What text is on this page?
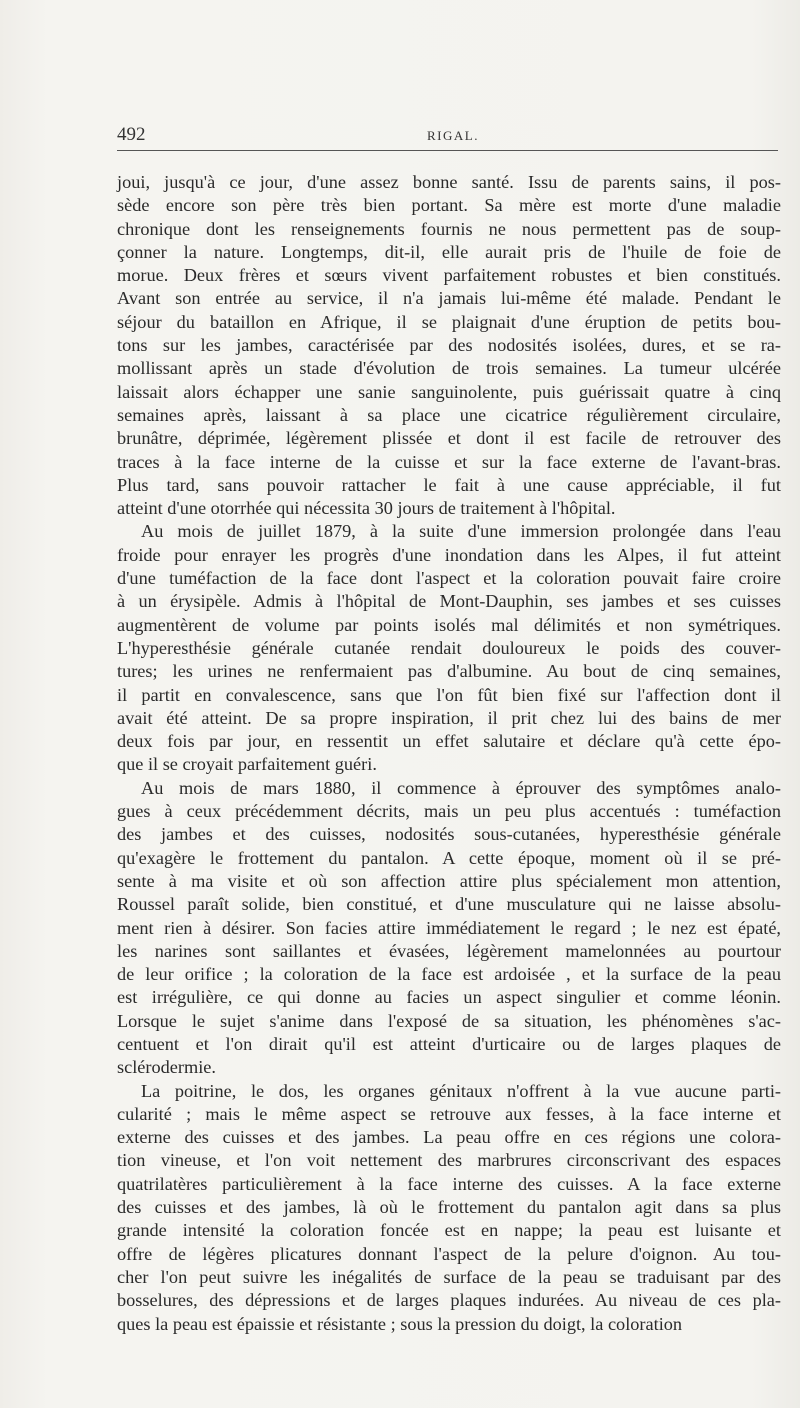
492	RIGAL.
joui, jusqu'à ce jour, d'une assez bonne santé. Issu de parents sains, il pos-
sède encore son père très bien portant. Sa mère est morte d'une maladie
chronique dont les renseignements fournis ne nous permettent pas de soup-
çonner la nature. Longtemps, dit-il, elle aurait pris de l'huile de foie de
morue. Deux frères et sœurs vivent parfaitement robustes et bien constitués.
Avant son entrée au service, il n'a jamais lui-même été malade. Pendant le
séjour du bataillon en Afrique, il se plaignait d'une éruption de petits bou-
tons sur les jambes, caractérisée par des nodosités isolées, dures, et se ra-
mollissant après un stade d'évolution de trois semaines. La tumeur ulcérée
laissait alors échapper une sanie sanguinolente, puis guérissait quatre à cinq
semaines après, laissant à sa place une cicatrice régulièrement circulaire,
brunâtre, déprimée, légèrement plissée et dont il est facile de retrouver des
traces à la face interne de la cuisse et sur la face externe de l'avant-bras.
Plus tard, sans pouvoir rattacher le fait à une cause appréciable, il fut
atteint d'une otorrhée qui nécessita 30 jours de traitement à l'hôpital.
Au mois de juillet 1879, à la suite d'une immersion prolongée dans l'eau
froide pour enrayer les progrès d'une inondation dans les Alpes, il fut atteint
d'une tuméfaction de la face dont l'aspect et la coloration pouvait faire croire
à un érysipèle. Admis à l'hôpital de Mont-Dauphin, ses jambes et ses cuisses
augmentèrent de volume par points isolés mal délimités et non symétriques.
L'hyperesthésie générale cutanée rendait douloureux le poids des couver-
tures; les urines ne renfermaient pas d'albumine. Au bout de cinq semaines,
il partit en convalescence, sans que l'on fût bien fixé sur l'affection dont il
avait été atteint. De sa propre inspiration, il prit chez lui des bains de mer
deux fois par jour, en ressentit un effet salutaire et déclare qu'à cette épo-
que il se croyait parfaitement guéri.
Au mois de mars 1880, il commence à éprouver des symptômes analo-
gues à ceux précédemment décrits, mais un peu plus accentués : tuméfaction
des jambes et des cuisses, nodosités sous-cutanées, hyperesthésie générale
qu'exagère le frottement du pantalon. A cette époque, moment où il se pré-
sente à ma visite et où son affection attire plus spécialement mon attention,
Roussel paraît solide, bien constitué, et d'une musculature qui ne laisse absolu-
ment rien à désirer. Son facies attire immédiatement le regard ; le nez est épaté,
les narines sont saillantes et évasées, légèrement mamelonnées au pourtour
de leur orifice ; la coloration de la face est ardoisée , et la surface de la peau
est irrégulière, ce qui donne au facies un aspect singulier et comme léonin.
Lorsque le sujet s'anime dans l'exposé de sa situation, les phénomènes s'ac-
centuent et l'on dirait qu'il est atteint d'urticaire ou de larges plaques de
sclérodermie.
La poitrine, le dos, les organes génitaux n'offrent à la vue aucune parti-
cularité ; mais le même aspect se retrouve aux fesses, à la face interne et
externe des cuisses et des jambes. La peau offre en ces régions une colora-
tion vineuse, et l'on voit nettement des marbrures circonscrivant des espaces
quatrilatères particulièrement à la face interne des cuisses. A la face externe
des cuisses et des jambes, là où le frottement du pantalon agit dans sa plus
grande intensité la coloration foncée est en nappe; la peau est luisante et
offre de légères plicatures donnant l'aspect de la pelure d'oignon. Au tou-
cher l'on peut suivre les inégalités de surface de la peau se traduisant par des
bosselures, des dépressions et de larges plaques indurées. Au niveau de ces pla-
ques la peau est épaissie et résistante ; sous la pression du doigt, la coloration
